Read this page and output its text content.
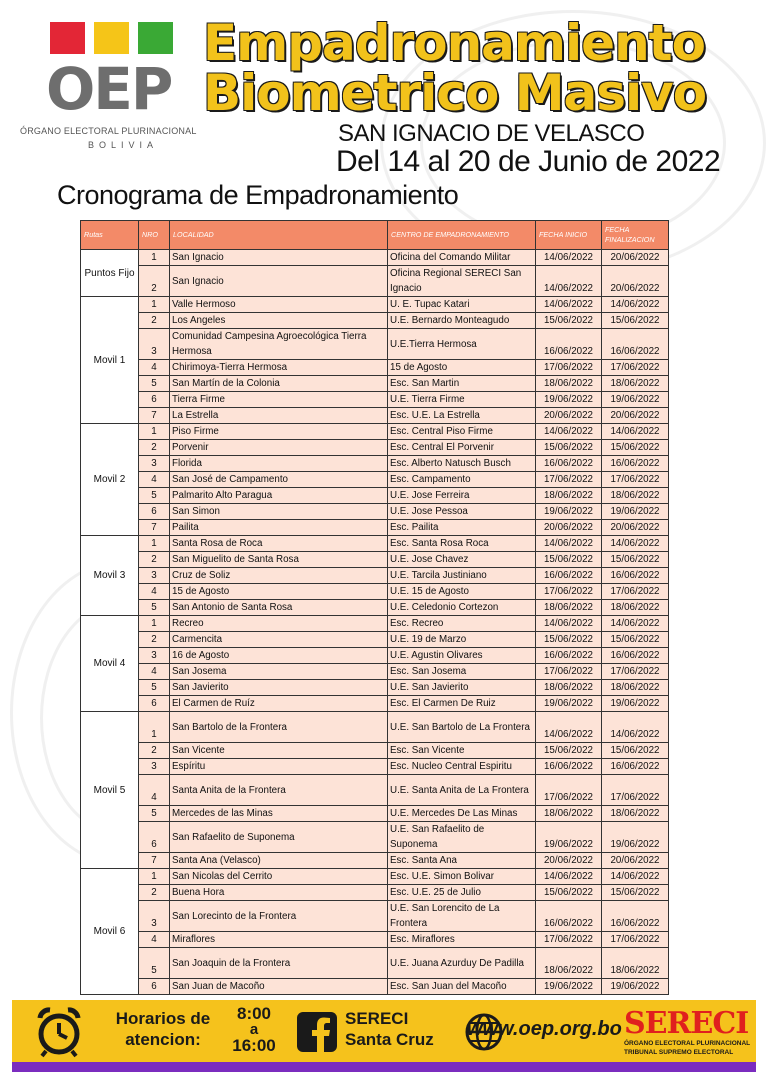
OEP
ÓRGANO ELECTORAL PLURINACIONAL
BOLIVIA
Empadronamiento
Biometrico Masivo
SAN IGNACIO DE VELASCO
Del 14 al 20 de Junio de 2022
Cronograma de Empadronamiento
Rutas	NRO	LOCALIDAD	CENTRO DE EMPADRONAMIENTO	FECHA INICIO	FECHA FINALIZACION
Puntos Fijo	1	San Ignacio	Oficina del Comando Militar	14/06/2022	20/06/2022
	2	San Ignacio	Oficina Regional SERECI San Ignacio	14/06/2022	20/06/2022
Movil 1	1	Valle Hermoso	U. E. Tupac Katari	14/06/2022	14/06/2022
	2	Los Angeles	U.E. Bernardo Monteagudo	15/06/2022	15/06/2022
	3	Comunidad Campesina Agroecológica Tierra Hermosa	U.E.Tierra Hermosa	16/06/2022	16/06/2022
	4	Chirimoya-Tierra Hermosa	15 de Agosto	17/06/2022	17/06/2022
	5	San Martín de la Colonia	Esc. San Martin	18/06/2022	18/06/2022
	6	Tierra Firme	U.E. Tierra Firme	19/06/2022	19/06/2022
	7	La Estrella	Esc. U.E. La Estrella	20/06/2022	20/06/2022
Movil 2	1	Piso Firme	Esc. Central Piso Firme	14/06/2022	14/06/2022
	2	Porvenir	Esc. Central El Porvenir	15/06/2022	15/06/2022
	3	Florida	Esc. Alberto Natusch Busch	16/06/2022	16/06/2022
	4	San José de Campamento	Esc. Campamento	17/06/2022	17/06/2022
	5	Palmarito Alto Paragua	U.E. Jose Ferreira	18/06/2022	18/06/2022
	6	San Simon	U.E. Jose Pessoa	19/06/2022	19/06/2022
	7	Pailita	Esc. Pailita	20/06/2022	20/06/2022
Movil 3	1	Santa Rosa de Roca	Esc. Santa Rosa Roca	14/06/2022	14/06/2022
	2	San Miguelito de Santa Rosa	U.E. Jose Chavez	15/06/2022	15/06/2022
	3	Cruz de Soliz	U.E. Tarcila Justiniano	16/06/2022	16/06/2022
	4	15 de Agosto	U.E. 15 de Agosto	17/06/2022	17/06/2022
	5	San Antonio de Santa Rosa	U.E. Celedonio Cortezon	18/06/2022	18/06/2022
Movil 4	1	Recreo	Esc. Recreo	14/06/2022	14/06/2022
	2	Carmencita	U.E. 19 de Marzo	15/06/2022	15/06/2022
	3	16 de Agosto	U.E. Agustin Olivares	16/06/2022	16/06/2022
	4	San Josema	Esc. San Josema	17/06/2022	17/06/2022
	5	San Javierito	U.E. San Javierito	18/06/2022	18/06/2022
	6	El Carmen de Ruíz	Esc. El Carmen De Ruiz	19/06/2022	19/06/2022
Movil 5	1	San Bartolo de la Frontera	U.E. San Bartolo de La Frontera	14/06/2022	14/06/2022
	2	San Vicente	Esc. San Vicente	15/06/2022	15/06/2022
	3	Espíritu	Esc. Nucleo Central Espiritu	16/06/2022	16/06/2022
	4	Santa Anita de la Frontera	U.E. Santa Anita de La Frontera	17/06/2022	17/06/2022
	5	Mercedes de las Minas	U.E. Mercedes De Las Minas	18/06/2022	18/06/2022
	6	San Rafaelito de Suponema	U.E. San Rafaelito de Suponema	19/06/2022	19/06/2022
	7	Santa Ana (Velasco)	Esc. Santa Ana	20/06/2022	20/06/2022
Movil 6	1	San Nicolas del Cerrito	Esc. U.E. Simon Bolivar	14/06/2022	14/06/2022
	2	Buena Hora	Esc. U.E. 25 de Julio	15/06/2022	15/06/2022
	3	San Lorecinto de la Frontera	U.E. San Lorencito de La Frontera	16/06/2022	16/06/2022
	4	Miraflores	Esc. Miraflores	17/06/2022	17/06/2022
	5	San Joaquin de la Frontera	U.E. Juana Azurduy De Padilla	18/06/2022	18/06/2022
	6	San Juan de Macoño	Esc. San Juan del Macoño	19/06/2022	19/06/2022
Horarios de atencion:
8:00
a
16:00
SERECI
Santa Cruz www.oep.org.bo SERECI
ÓRGANO ELECTORAL PLURINACIONAL
TRIBUNAL SUPREMO ELECTORAL
